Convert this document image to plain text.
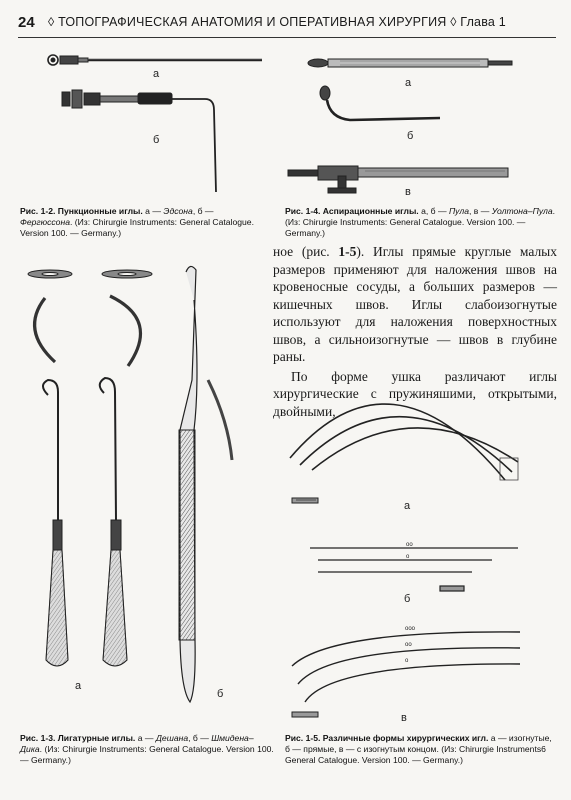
24 ◊ ТОПОГРАФИЧЕСКАЯ АНАТОМИЯ И ОПЕРАТИВНАЯ ХИРУРГИЯ ◊ Глава 1
а
б
Рис. 1-2. Пункционные иглы. а — Эдсона, б — Фергюссона. (Из: Chirurgie Instruments: General Catalogue. Version 100. — Germany.)
а
б
в
Рис. 1-4. Аспирационные иглы. а, б — Пула, в — Уолтона–Пула. (Из: Chirurgie Instruments: General Catalogue. Version 100. — Germany.)
а
б
Рис. 1-3. Лигатурные иглы. а — Дешана, б — Шмидена–Дика. (Из: Chirurgie Instruments: General Catalogue. Version 100. — Germany.)

ное (рис. 1-5). Иглы прямые круглые малых размеров применяют для наложения швов на кровеносные сосуды, а больших размеров — кишечных швов. Иглы слабоизогнутые используют для наложения поверхностных швов, а сильноизогнутые — швов в глубине раны.

По форме ушка различают иглы хирургические с пружиняшими, открытыми, двойными,

oo
o
ooo
oo
o
а
б
в
Рис. 1-5. Различные формы хирургических игл. а — изогнутые, б — прямые, в — с изогнутым концом. (Из: Chirurgie Instruments6 General Catalogue. Version 100. — Germany.)
